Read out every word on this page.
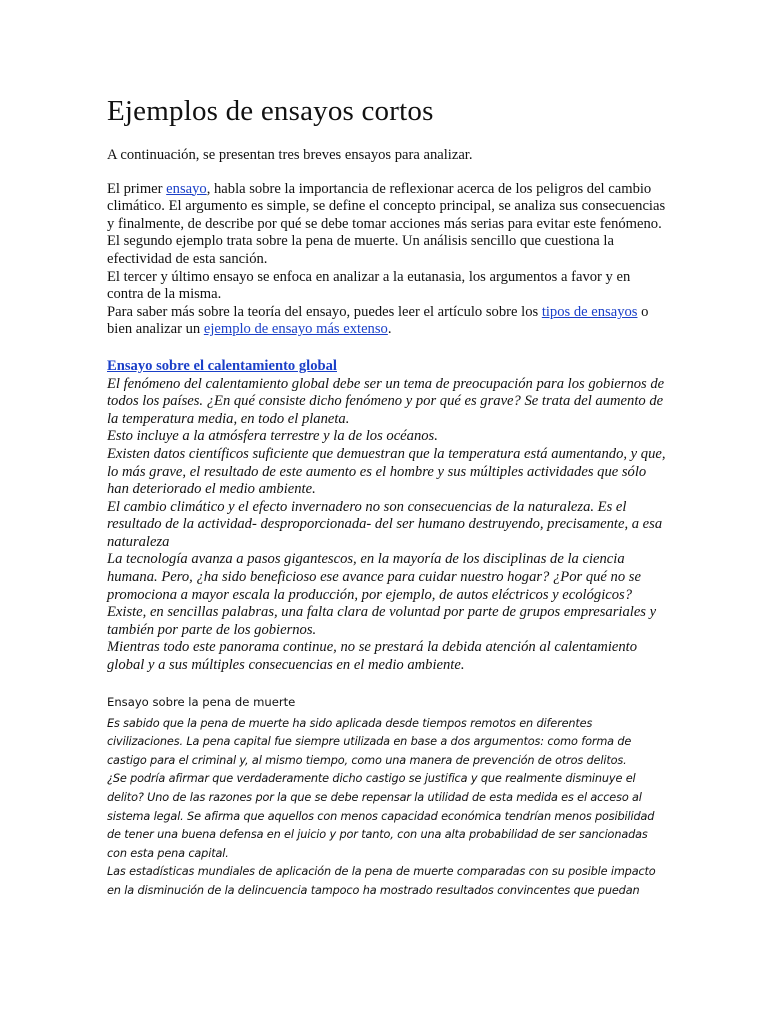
Ejemplos de ensayos cortos

A continuación, se presentan tres breves ensayos para analizar.

El primer ensayo, habla sobre la importancia de reflexionar acerca de los peligros del cambio climático. El argumento es simple, se define el concepto principal, se analiza sus consecuencias y finalmente, de describe por qué se debe tomar acciones más serias para evitar este fenómeno.

El segundo ejemplo trata sobre la pena de muerte. Un análisis sencillo que cuestiona la efectividad de esta sanción.

El tercer y último ensayo se enfoca en analizar a la eutanasia, los argumentos a favor y en contra de la misma.

Para saber más sobre la teoría del ensayo, puedes leer el artículo sobre los tipos de ensayos o bien analizar un ejemplo de ensayo más extenso.

Ensayo sobre el calentamiento global

El fenómeno del calentamiento global debe ser un tema de preocupación para los gobiernos de todos los países. ¿En qué consiste dicho fenómeno y por qué es grave? Se trata del aumento de la temperatura media, en todo el planeta.

Esto incluye a la atmósfera terrestre y la de los océanos.

Existen datos científicos suficiente que demuestran que la temperatura está aumentando, y que, lo más grave, el resultado de este aumento es el hombre y sus múltiples actividades que sólo han deteriorado el medio ambiente.

El cambio climático y el efecto invernadero no son consecuencias de la naturaleza. Es el resultado de la actividad- desproporcionada- del ser humano destruyendo, precisamente, a esa naturaleza

La tecnología avanza a pasos gigantescos, en la mayoría de los disciplinas de la ciencia humana. Pero, ¿ha sido beneficioso ese avance para cuidar nuestro hogar? ¿Por qué no se promociona a mayor escala la producción, por ejemplo, de autos eléctricos y ecológicos?

Existe, en sencillas palabras, una falta clara de voluntad por parte de grupos empresariales y también por parte de los gobiernos.

Mientras todo este panorama continue, no se prestará la debida atención al calentamiento global y a sus múltiples consecuencias en el medio ambiente.

Ensayo sobre la pena de muerte

Es sabido que la pena de muerte ha sido aplicada desde tiempos remotos en diferentes civilizaciones. La pena capital fue siempre utilizada en base a dos argumentos: como forma de castigo para el criminal y, al mismo tiempo, como una manera de prevención de otros delitos.

¿Se podría afirmar que verdaderamente dicho castigo se justifica y que realmente disminuye el delito? Uno de las razones por la que se debe repensar la utilidad de esta medida es el acceso al sistema legal. Se afirma que aquellos con menos capacidad económica tendrían menos posibilidad de tener una buena defensa en el juicio y por tanto, con una alta probabilidad de ser sancionadas con esta pena capital.

Las estadísticas mundiales de aplicación de la pena de muerte comparadas con su posible impacto en la disminución de la delincuencia tampoco ha mostrado resultados convincentes que puedan
